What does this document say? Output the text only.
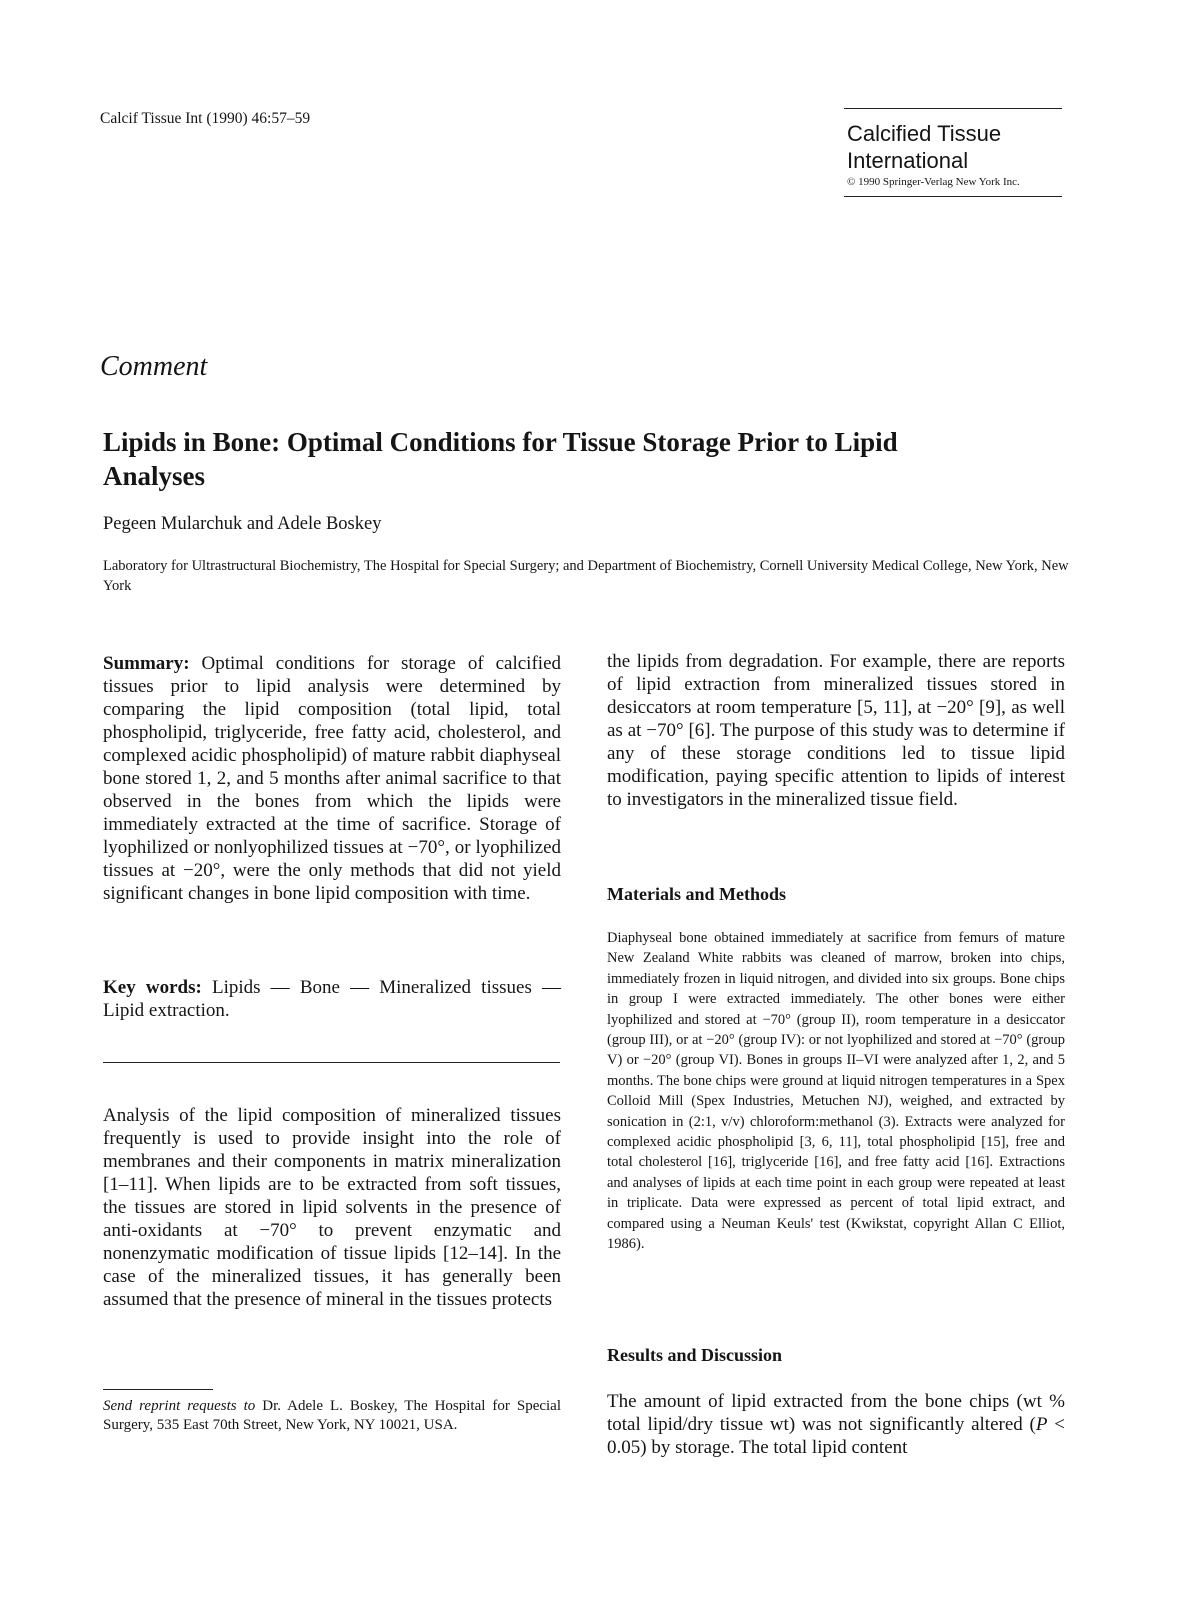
Calcif Tissue Int (1990) 46:57–59
Calcified Tissue
International
© 1990 Springer-Verlag New York Inc.
Comment
Lipids in Bone: Optimal Conditions for Tissue Storage Prior to Lipid Analyses
Pegeen Mularchuk and Adele Boskey
Laboratory for Ultrastructural Biochemistry, The Hospital for Special Surgery; and Department of Biochemistry, Cornell University Medical College, New York, New York

Summary: Optimal conditions for storage of calcified tissues prior to lipid analysis were determined by comparing the lipid composition (total lipid, total phospholipid, triglyceride, free fatty acid, cholesterol, and complexed acidic phospholipid) of mature rabbit diaphyseal bone stored 1, 2, and 5 months after animal sacrifice to that observed in the bones from which the lipids were immediately extracted at the time of sacrifice. Storage of lyophilized or nonlyophilized tissues at −70°, or lyophilized tissues at −20°, were the only methods that did not yield significant changes in bone lipid composition with time.

Key words: Lipids — Bone — Mineralized tissues — Lipid extraction.

Analysis of the lipid composition of mineralized tissues frequently is used to provide insight into the role of membranes and their components in matrix mineralization [1–11]. When lipids are to be extracted from soft tissues, the tissues are stored in lipid solvents in the presence of anti-oxidants at −70° to prevent enzymatic and nonenzymatic modification of tissue lipids [12–14]. In the case of the mineralized tissues, it has generally been assumed that the presence of mineral in the tissues protects

Send reprint requests to Dr. Adele L. Boskey, The Hospital for Special Surgery, 535 East 70th Street, New York, NY 10021, USA.

the lipids from degradation. For example, there are reports of lipid extraction from mineralized tissues stored in desiccators at room temperature [5, 11], at −20° [9], as well as at −70° [6]. The purpose of this study was to determine if any of these storage conditions led to tissue lipid modification, paying specific attention to lipids of interest to investigators in the mineralized tissue field.

Materials and Methods

Diaphyseal bone obtained immediately at sacrifice from femurs of mature New Zealand White rabbits was cleaned of marrow, broken into chips, immediately frozen in liquid nitrogen, and divided into six groups. Bone chips in group I were extracted immediately. The other bones were either lyophilized and stored at −70° (group II), room temperature in a desiccator (group III), or at −20° (group IV): or not lyophilized and stored at −70° (group V) or −20° (group VI). Bones in groups II–VI were analyzed after 1, 2, and 5 months. The bone chips were ground at liquid nitrogen temperatures in a Spex Colloid Mill (Spex Industries, Metuchen NJ), weighed, and extracted by sonication in (2:1, v/v) chloroform:methanol (3). Extracts were analyzed for complexed acidic phospholipid [3, 6, 11], total phospholipid [15], free and total cholesterol [16], triglyceride [16], and free fatty acid [16]. Extractions and analyses of lipids at each time point in each group were repeated at least in triplicate. Data were expressed as percent of total lipid extract, and compared using a Neuman Keuls' test (Kwikstat, copyright Allan C Elliot, 1986).

Results and Discussion

The amount of lipid extracted from the bone chips (wt % total lipid/dry tissue wt) was not significantly altered (P < 0.05) by storage. The total lipid content
